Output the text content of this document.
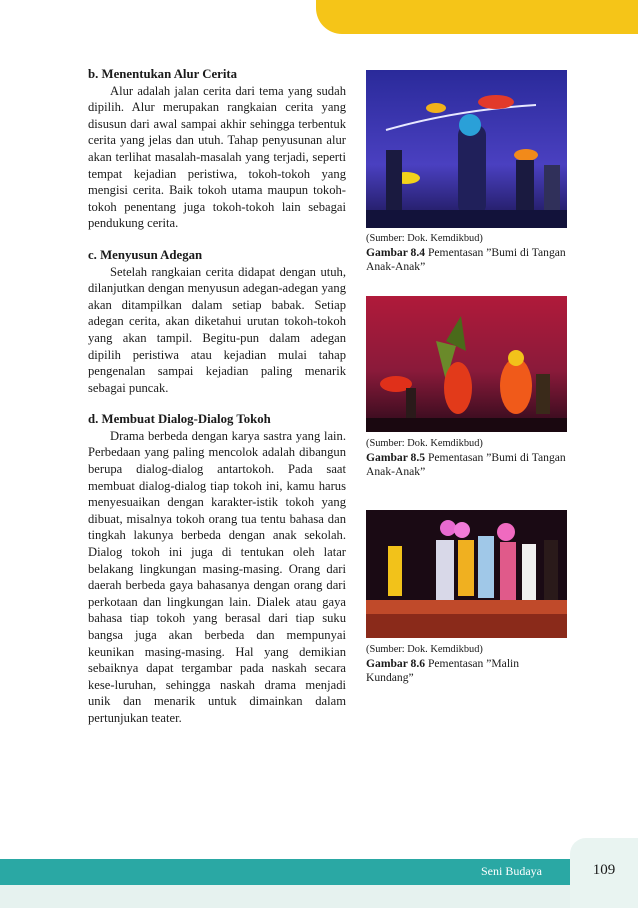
b. Menentukan Alur Cerita

Alur adalah jalan cerita dari tema yang sudah dipilih. Alur merupakan rangkaian cerita yang disusun dari awal sampai akhir sehingga terbentuk cerita yang jelas dan utuh. Tahap penyusunan alur akan terlihat masalah-masalah yang terjadi, seperti tempat kejadian peristiwa, tokoh-tokoh yang mengisi cerita. Baik tokoh utama maupun tokoh-tokoh penentang juga tokoh-tokoh lain sebagai pendukung cerita.

c. Menyusun Adegan

Setelah rangkaian cerita didapat dengan utuh, dilanjutkan dengan menyusun adegan-adegan yang akan ditampilkan dalam setiap babak. Setiap adegan cerita, akan diketahui urutan tokoh-tokoh yang akan tampil. Begitu-pun dalam adegan dipilih peristiwa atau kejadian mulai tahap pengenalan sampai kejadian paling menarik sebagai puncak.

d. Membuat Dialog-Dialog Tokoh

Drama berbeda dengan karya sastra yang lain. Perbedaan yang paling mencolok adalah dibangun berupa dialog-dialog antartokoh. Pada saat membuat dialog-dialog tiap tokoh ini, kamu harus menyesuaikan dengan karakter-istik tokoh yang dibuat, misalnya tokoh orang tua tentu bahasa dan tingkah lakunya berbeda dengan anak sekolah. Dialog tokoh ini juga di tentukan oleh latar belakang lingkungan masing-masing. Orang dari daerah berbeda gaya bahasanya dengan orang dari perkotaan dan lingkungan lain. Dialek atau gaya bahasa tiap tokoh yang berasal dari tiap suku bangsa juga akan berbeda dan mempunyai keunikan masing-masing. Hal yang demikian sebaiknya dapat tergambar pada naskah secara kese-luruhan, sehingga naskah drama menjadi unik dan menarik untuk dimainkan dalam pertunjukan teater.

(Sumber: Dok. Kemdikbud)
Gambar 8.4 Pementasan ”Bumi di Tangan Anak-Anak”
(Sumber: Dok. Kemdikbud)
Gambar 8.5 Pementasan ”Bumi di Tangan Anak-Anak”
(Sumber: Dok. Kemdikbud)
Gambar 8.6 Pementasan ”Malin Kundang”
Seni Budaya	109
